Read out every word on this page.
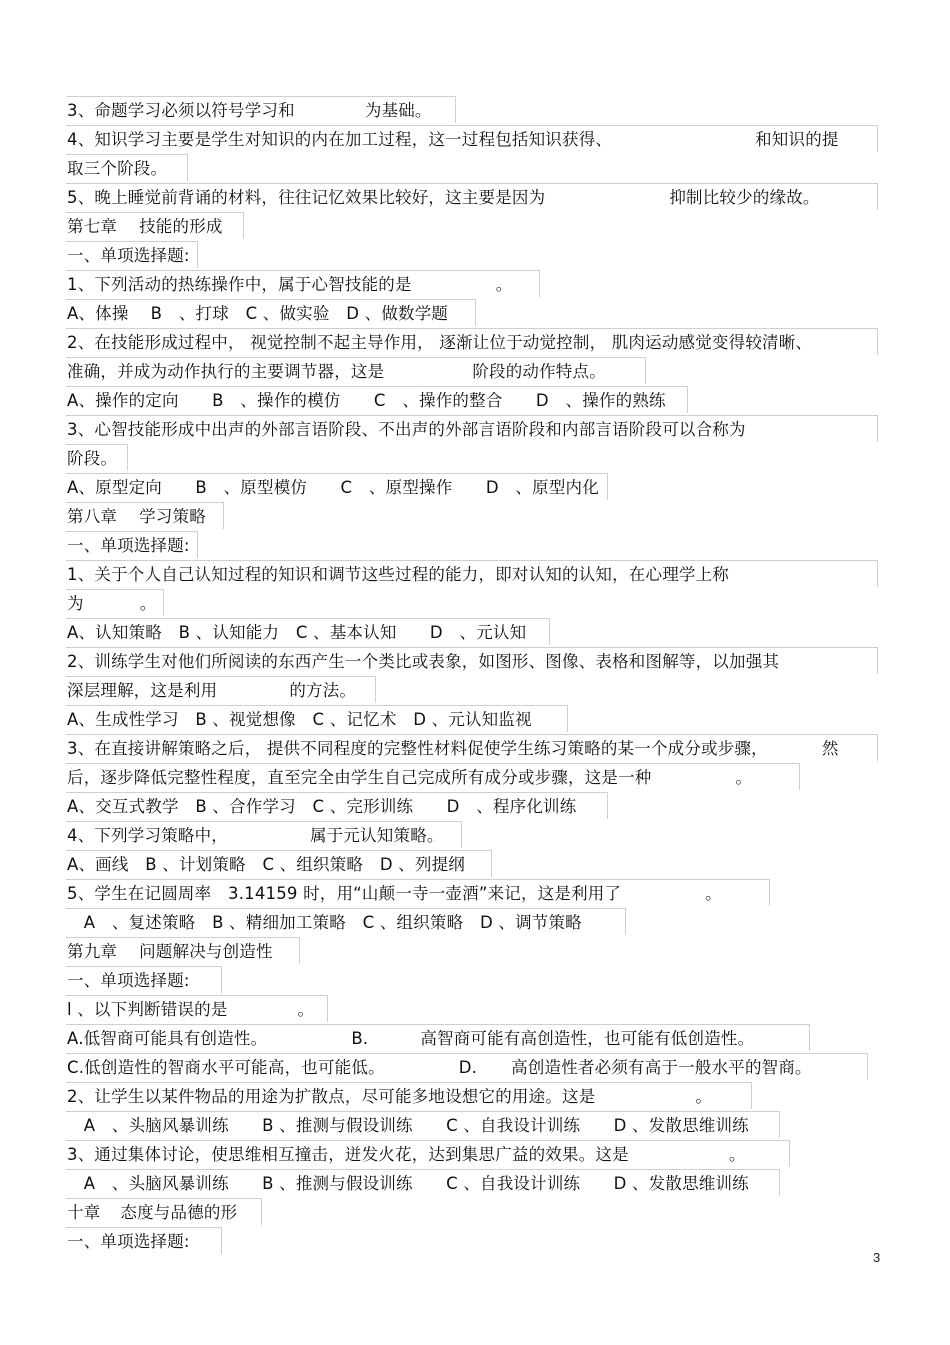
3、命题学习必须以符号学习和	为基础。
4、知识学习主要是学生对知识的内在加工过程，这一过程包括知识获得、	和知识的提
取三个阶段。
5、晚上睡觉前背诵的材料，往往记忆效果比较好，这主要是因为	抑制比较少的缘故。
第七章 技能的形成
一、单项选择题:
1、下列活动的热练操作中，属于心智技能的是	。
A、体操 B　、打球　C 、做实验　D 、做数学题
2、在技能形成过程中， 视觉控制不起主导作用， 逐渐让位于动觉控制， 肌肉运动感觉变得较清晰、
准确，并成为动作执行的主要调节器，这是	阶段的动作特点。
A、操作的定向　　B　、操作的模仿　　C　、操作的整合　　D　、操作的熟练
3、心智技能形成中出声的外部言语阶段、不出声的外部言语阶段和内部言语阶段可以合称为
阶段。
A、原型定向　　B　、原型模仿　　C　、原型操作　　D　、原型内化
第八章 学习策略
一、单项选择题:
1、关于个人自己认知过程的知识和调节这些过程的能力，即对认知的认知，在心理学上称
为	。
A、认知策略　B 、认知能力　C 、基本认知　　D　、元认知
2、训练学生对他们所阅读的东西产生一个类比或表象，如图形、图像、表格和图解等，以加强其
深层理解，这是利用	的方法。
A、生成性学习　B 、视觉想像　C 、记忆术　D 、元认知监视
3、在直接讲解策略之后， 提供不同程度的完整性材料促使学生练习策略的某一个成分或步骤，	然
后，逐步降低完整性程度，直至完全由学生自己完成所有成分或步骤，这是一种	。
A、交互式教学　B 、合作学习　C 、完形训练　　D　、程序化训练
4、下列学习策略中，	属于元认知策略。
A、画线　B 、计划策略　C 、组织策略　D 、列提纲
5、学生在记圆周率　3.14159 时，用“山颠一寺一壶酒”来记，这是利用了	。
　A　、复述策略　B 、精细加工策略　C 、组织策略　D 、调节策略
第九章 问题解决与创造性
一、单项选择题:
l 、以下判断错误的是	。
A.低智商可能具有创造性。	B.	高智商可能有高创造性，也可能有低创造性。
C.低创造性的智商水平可能高，也可能低。	D. 高创造性者必须有高于一般水平的智商。
2、让学生以某件物品的用途为扩散点，尽可能多地设想它的用途。这是	。
　A　、头脑风暴训练　　B 、推测与假设训练　　C 、自我设计训练　　D 、发散思维训练
3、通过集体讨论，使思维相互撞击，迸发火花，达到集思广益的效果。这是	。
　A　、头脑风暴训练　　B 、推测与假设训练　　C 、自我设计训练　　D 、发散思维训练
十章 态度与品德的形
一、单项选择题:
3
